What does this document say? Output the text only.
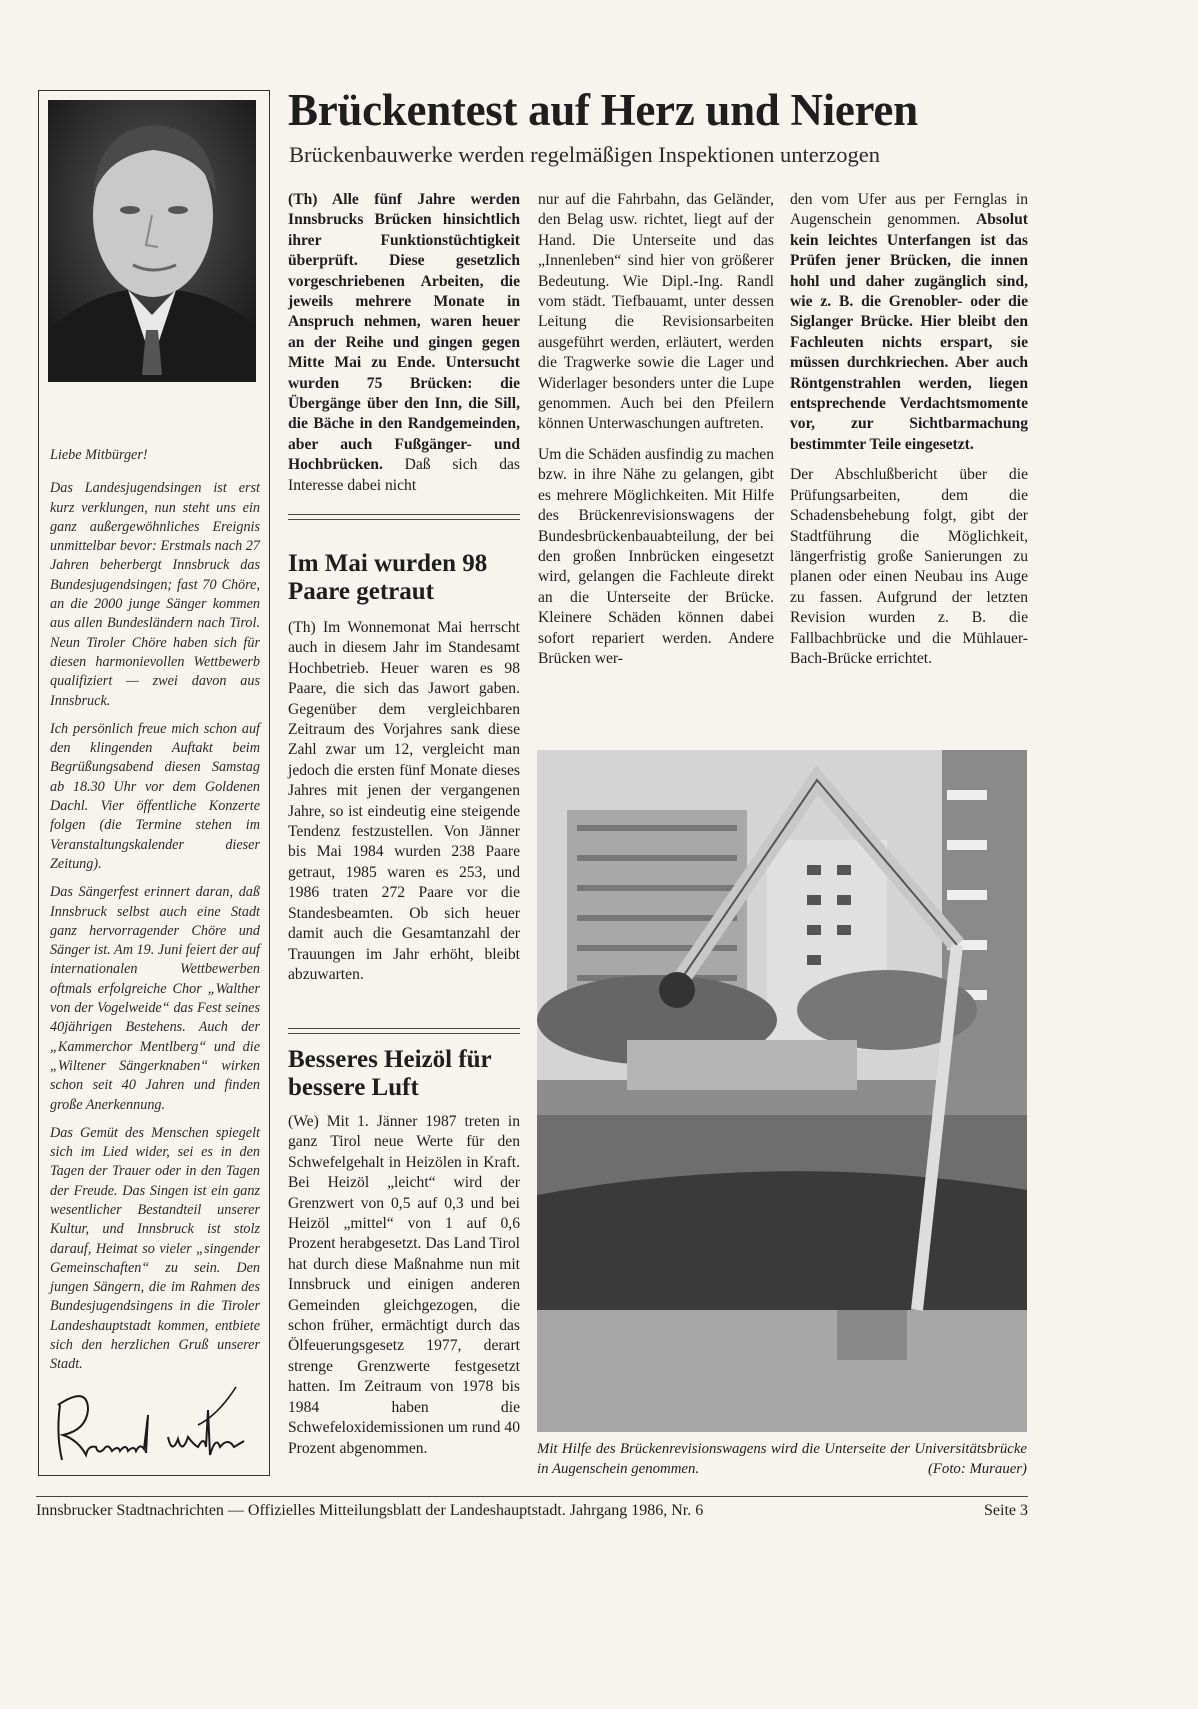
Liebe Mitbürger!

Das Landesjugendsingen ist erst kurz verklungen, nun steht uns ein ganz außergewöhnliches Ereignis unmittelbar bevor: Erstmals nach 27 Jahren beherbergt Innsbruck das Bundesjugendsingen; fast 70 Chöre, an die 2000 junge Sänger kommen aus allen Bundesländern nach Tirol. Neun Tiroler Chöre haben sich für diesen harmonievollen Wettbewerb qualifiziert — zwei davon aus Innsbruck.

Ich persönlich freue mich schon auf den klingenden Auftakt beim Begrüßungsabend diesen Samstag ab 18.30 Uhr vor dem Goldenen Dachl. Vier öffentliche Konzerte folgen (die Termine stehen im Veranstaltungskalender dieser Zeitung).

Das Sängerfest erinnert daran, daß Innsbruck selbst auch eine Stadt ganz hervorragender Chöre und Sänger ist. Am 19. Juni feiert der auf internationalen Wettbewerben oftmals erfolgreiche Chor „Walther von der Vogelweide“ das Fest seines 40jährigen Bestehens. Auch der „Kammerchor Mentlberg“ und die „Wiltener Sängerknaben“ wirken schon seit 40 Jahren und finden große Anerkennung.

Das Gemüt des Menschen spiegelt sich im Lied wider, sei es in den Tagen der Trauer oder in den Tagen der Freude. Das Singen ist ein ganz wesentlicher Bestandteil unserer Kultur, und Innsbruck ist stolz darauf, Heimat so vieler „singender Gemeinschaften“ zu sein. Den jungen Sängern, die im Rahmen des Bundesjugendsingens in die Tiroler Landeshauptstadt kommen, entbiete sich den herzlichen Gruß unserer Stadt.

Brückentest auf Herz und Nieren
Brückenbauwerke werden regelmäßigen Inspektionen unterzogen

(Th) Alle fünf Jahre werden Innsbrucks Brücken hinsichtlich ihrer Funktionstüchtigkeit überprüft. Diese gesetzlich vorgeschriebenen Arbeiten, die jeweils mehrere Monate in Anspruch nehmen, waren heuer an der Reihe und gingen gegen Mitte Mai zu Ende. Untersucht wurden 75 Brücken: die Übergänge über den Inn, die Sill, die Bäche in den Randgemeinden, aber auch Fußgänger- und Hochbrücken. Daß sich das Interesse dabei nicht

Im Mai wurden 98 Paare getraut

(Th) Im Wonnemonat Mai herrscht auch in diesem Jahr im Standesamt Hochbetrieb. Heuer waren es 98 Paare, die sich das Jawort gaben. Gegenüber dem vergleichbaren Zeitraum des Vorjahres sank diese Zahl zwar um 12, vergleicht man jedoch die ersten fünf Monate dieses Jahres mit jenen der vergangenen Jahre, so ist eindeutig eine steigende Tendenz festzustellen. Von Jänner bis Mai 1984 wurden 238 Paare getraut, 1985 waren es 253, und 1986 traten 272 Paare vor die Standesbeamten. Ob sich heuer damit auch die Gesamtanzahl der Trauungen im Jahr erhöht, bleibt abzuwarten.

Besseres Heizöl für bessere Luft

(We) Mit 1. Jänner 1987 treten in ganz Tirol neue Werte für den Schwefelgehalt in Heizölen in Kraft. Bei Heizöl „leicht“ wird der Grenzwert von 0,5 auf 0,3 und bei Heizöl „mittel“ von 1 auf 0,6 Prozent herabgesetzt. Das Land Tirol hat durch diese Maßnahme nun mit Innsbruck und einigen anderen Gemeinden gleichgezogen, die schon früher, ermächtigt durch das Ölfeuerungsgesetz 1977, derart strenge Grenzwerte festgesetzt hatten. Im Zeitraum von 1978 bis 1984 haben die Schwefeloxidemissionen um rund 40 Prozent abgenommen.

nur auf die Fahrbahn, das Geländer, den Belag usw. richtet, liegt auf der Hand. Die Unterseite und das „Innenleben“ sind hier von größerer Bedeutung. Wie Dipl.-Ing. Randl vom städt. Tiefbauamt, unter dessen Leitung die Revisionsarbeiten ausgeführt werden, erläutert, werden die Tragwerke sowie die Lager und Widerlager besonders unter die Lupe genommen. Auch bei den Pfeilern können Unterwaschungen auftreten.

Um die Schäden ausfindig zu machen bzw. in ihre Nähe zu gelangen, gibt es mehrere Möglichkeiten. Mit Hilfe des Brückenrevisionswagens der Bundesbrückenbauabteilung, der bei den großen Innbrücken eingesetzt wird, gelangen die Fachleute direkt an die Unterseite der Brücke. Kleinere Schäden können dabei sofort repariert werden. Andere Brücken wer-

den vom Ufer aus per Fernglas in Augenschein genommen. Absolut kein leichtes Unterfangen ist das Prüfen jener Brücken, die innen hohl und daher zugänglich sind, wie z. B. die Grenobler- oder die Siglanger Brücke. Hier bleibt den Fachleuten nichts erspart, sie müssen durchkriechen. Aber auch Röntgenstrahlen werden, liegen entsprechende Verdachtsmomente vor, zur Sichtbarmachung bestimmter Teile eingesetzt.

Der Abschlußbericht über die Prüfungsarbeiten, dem die Schadensbehebung folgt, gibt der Stadtführung die Möglichkeit, längerfristig große Sanierungen zu planen oder einen Neubau ins Auge zu fassen. Aufgrund der letzten Revision wurden z. B. die Fallbachbrücke und die Mühlauer-Bach-Brücke errichtet.

Mit Hilfe des Brückenrevisionswagens wird die Unterseite der Universitätsbrücke in Augenschein genommen.	(Foto: Murauer)
Innsbrucker Stadtnachrichten — Offizielles Mitteilungsblatt der Landeshauptstadt. Jahrgang 1986, Nr. 6	Seite 3
